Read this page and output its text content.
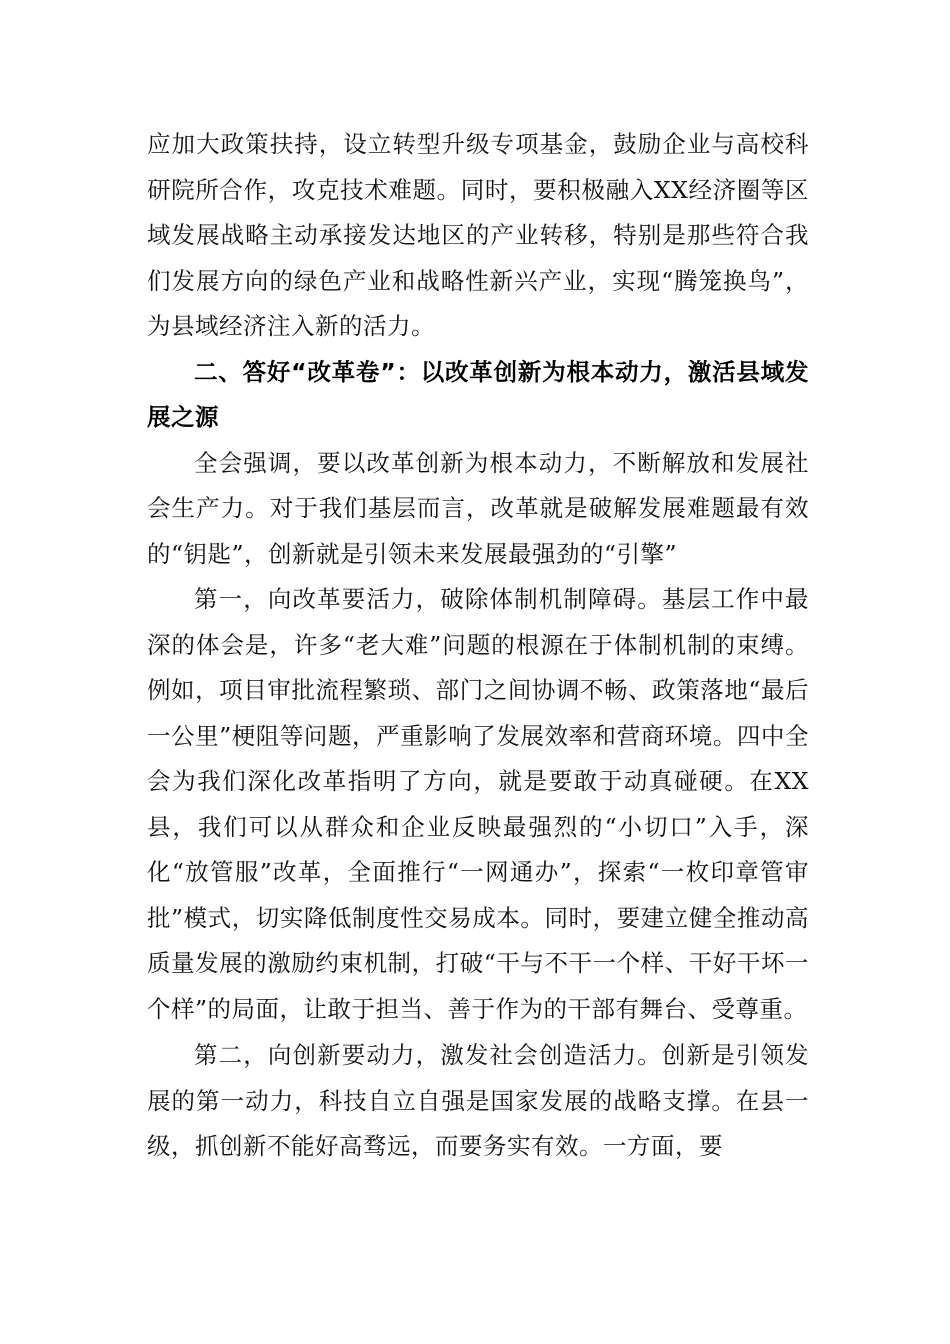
应加大政策扶持，设立转型升级专项基金，鼓励企业与高校科研院所合作，攻克技术难题。同时，要积极融入XX经济圈等区域发展战略主动承接发达地区的产业转移，特别是那些符合我们发展方向的绿色产业和战略性新兴产业，实现“腾笼换鸟”，为县域经济注入新的活力。

二、答好“改革卷”：以改革创新为根本动力，激活县域发展之源

全会强调，要以改革创新为根本动力，不断解放和发展社会生产力。对于我们基层而言，改革就是破解发展难题最有效的“钥匙”，创新就是引领未来发展最强劲的“引擎”

第一，向改革要活力，破除体制机制障碍。基层工作中最深的体会是，许多“老大难”问题的根源在于体制机制的束缚。例如，项目审批流程繁琐、部门之间协调不畅、政策落地“最后一公里”梗阻等问题，严重影响了发展效率和营商环境。四中全会为我们深化改革指明了方向，就是要敢于动真碰硬。在XX县，我们可以从群众和企业反映最强烈的“小切口”入手，深化“放管服”改革，全面推行“一网通办”，探索“一枚印章管审批”模式，切实降低制度性交易成本。同时，要建立健全推动高质量发展的激励约束机制，打破“干与不干一个样、干好干坏一个样”的局面，让敢于担当、善于作为的干部有舞台、受尊重。

第二，向创新要动力，激发社会创造活力。创新是引领发展的第一动力，科技自立自强是国家发展的战略支撑。在县一级，抓创新不能好高骛远，而要务实有效。一方面，要
